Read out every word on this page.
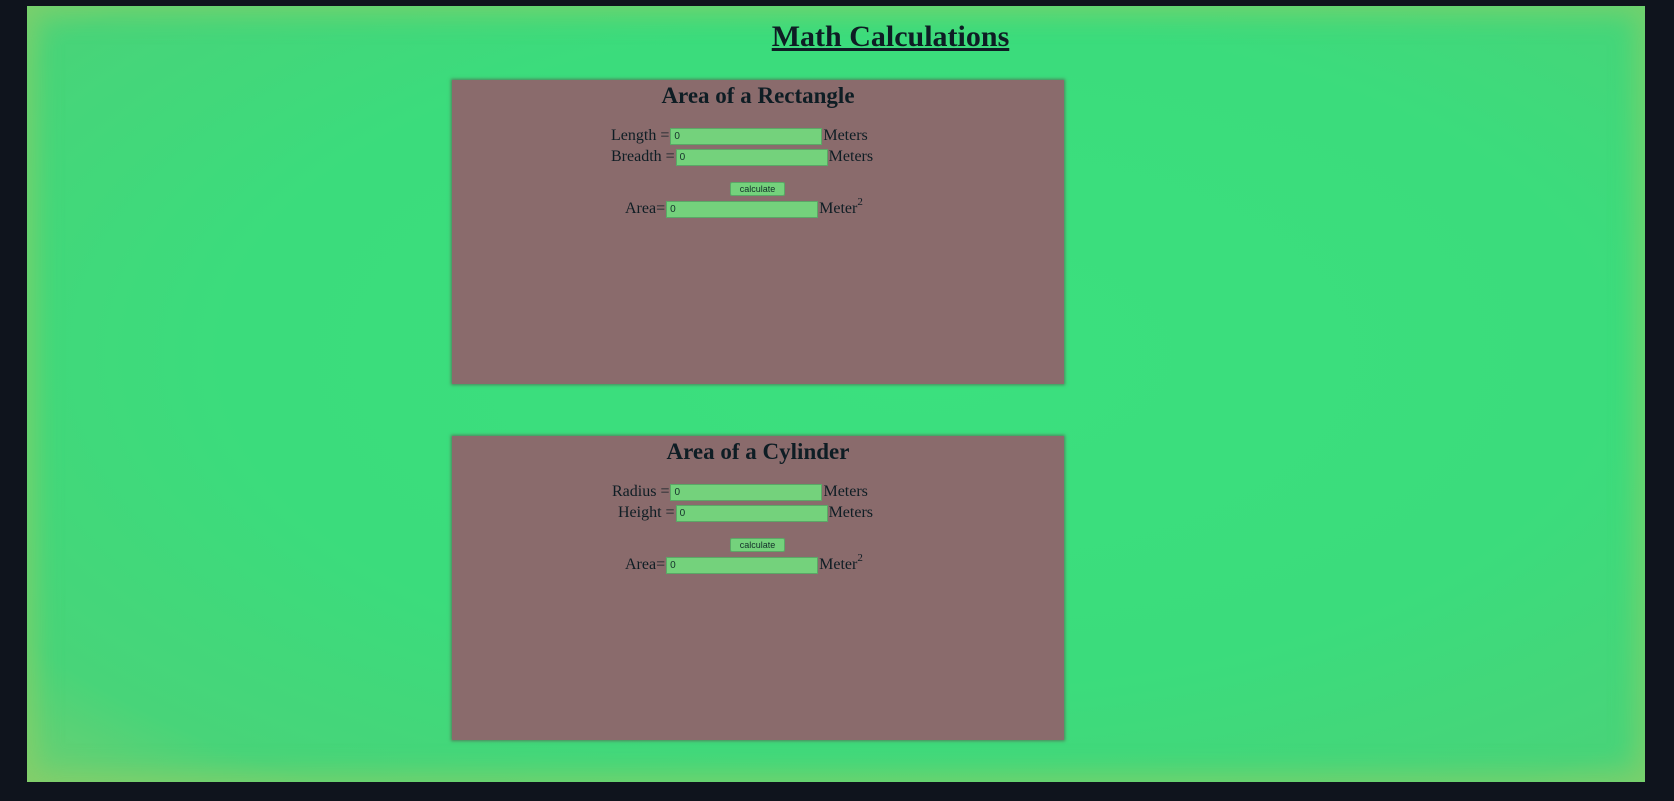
Math Calculations
Area of a Rectangle
Length =
0	Meters
Breadth =
0	Meters
calculate
Area=
0	Meter$^2$
Area of a Cylinder
Radius =
0	Meters
Height =
0	Meters
calculate
Area=
0	Meter$^2$
